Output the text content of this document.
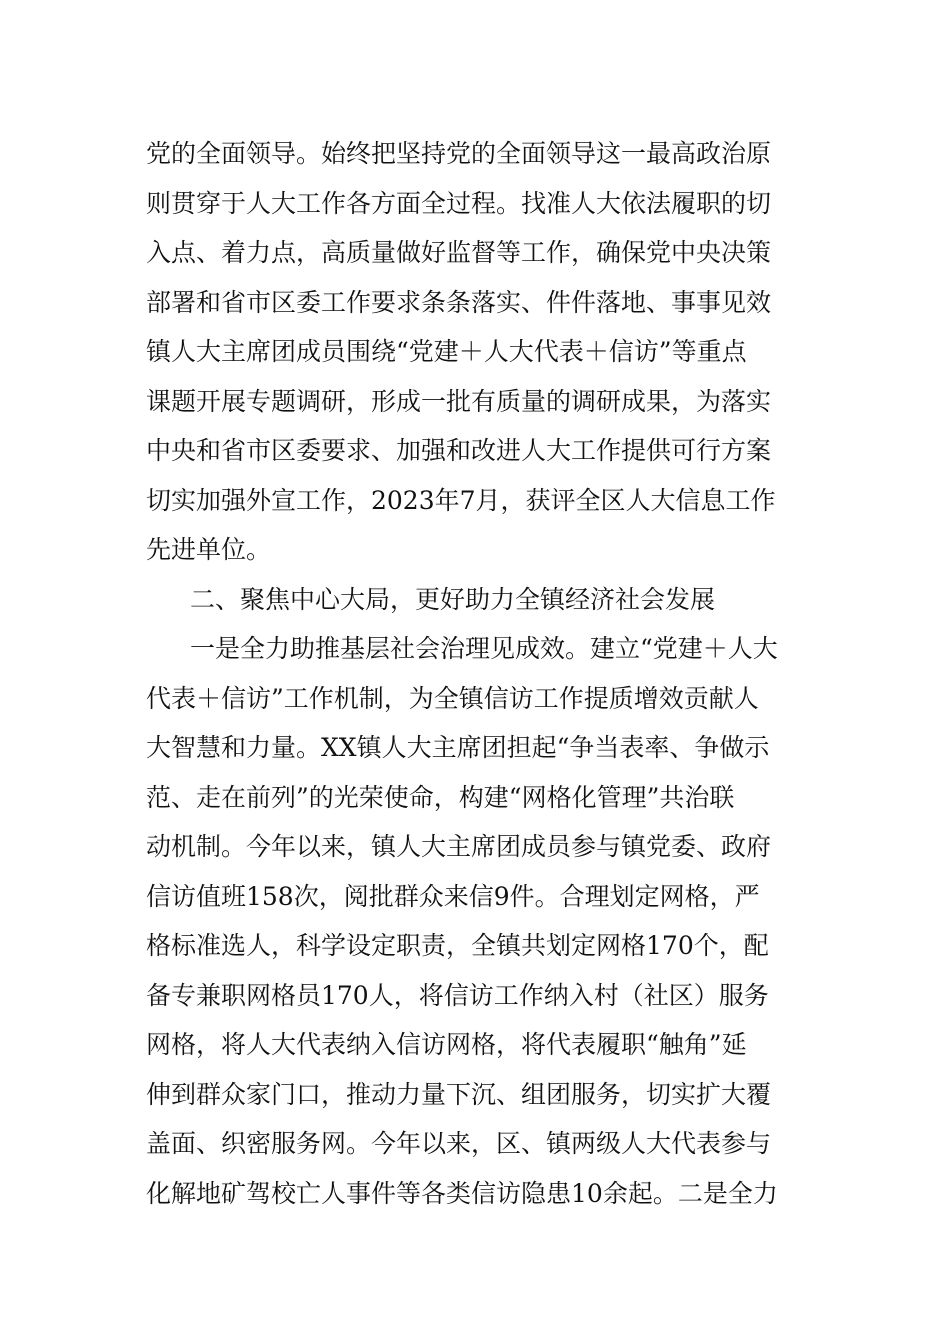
党的全面领导。始终把坚持党的全面领导这一最高政治原
则贯穿于人大工作各方面全过程。找准人大依法履职的切
入点、着力点，高质量做好监督等工作，确保党中央决策
部署和省市区委工作要求条条落实、件件落地、事事见效
镇人大主席团成员围绕“党建＋人大代表＋信访”等重点
课题开展专题调研，形成一批有质量的调研成果，为落实
中央和省市区委要求、加强和改进人大工作提供可行方案
切实加强外宣工作，2023年7月，获评全区人大信息工作
先进单位。
二、聚焦中心大局，更好助力全镇经济社会发展
一是全力助推基层社会治理见成效。建立“党建＋人大
代表＋信访”工作机制，为全镇信访工作提质增效贡献人
大智慧和力量。XX镇人大主席团担起“争当表率、争做示
范、走在前列”的光荣使命，构建“网格化管理”共治联
动机制。今年以来，镇人大主席团成员参与镇党委、政府
信访值班158次，阅批群众来信9件。合理划定网格，严
格标准选人，科学设定职责，全镇共划定网格170个，配
备专兼职网格员170人，将信访工作纳入村（社区）服务
网格，将人大代表纳入信访网格，将代表履职“触角”延
伸到群众家门口，推动力量下沉、组团服务，切实扩大覆
盖面、织密服务网。今年以来，区、镇两级人大代表参与
化解地矿驾校亡人事件等各类信访隐患10余起。二是全力
